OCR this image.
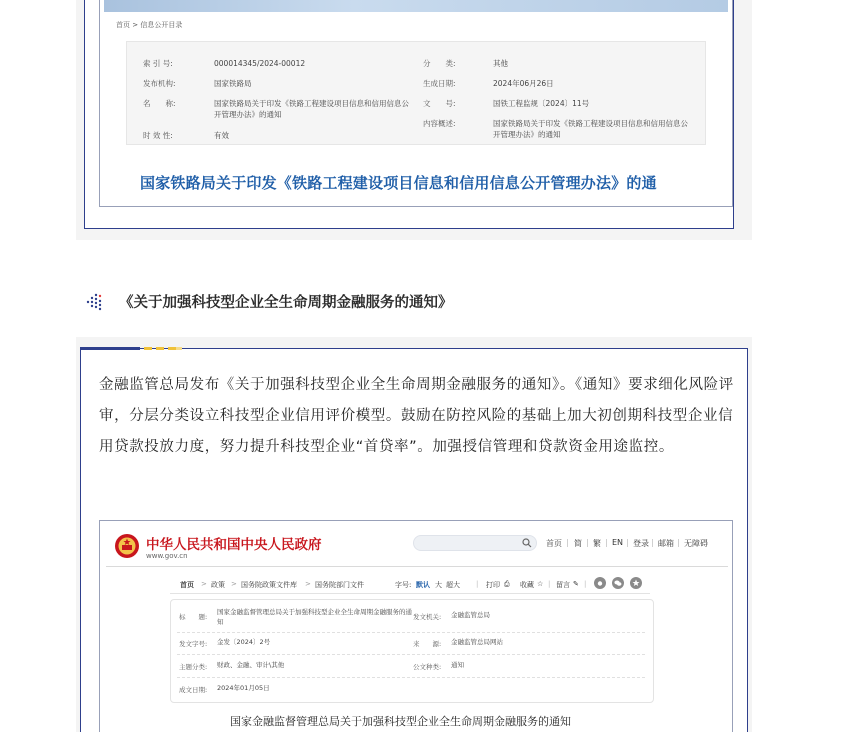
首页 > 信息公开目录
索 引 号:	000014345/2024-00012	分　　类:	其他
发布机构:	国家铁路局	生成日期:	2024年06月26日
名　　称:	国家铁路局关于印发《铁路工程建设项目信息和信用信息公开管理办法》的通知
文　　号:	国铁工程监规〔2024〕11号
内容概述:	国家铁路局关于印发《铁路工程建设项目信息和信用信息公开管理办法》的通知
时 效 性:	有效
国家铁路局关于印发《铁路工程建设项目信息和信用信息公开管理办法》的通
《关于加强科技型企业全生命周期金融服务的通知》
金融监管总局发布《关于加强科技型企业全生命周期金融服务的通知》。《通知》要求细化风险评审，分层分类设立科技型企业信用评价模型。鼓励在防控风险的基础上加大初创期科技型企业信用贷款投放力度，努力提升科技型企业“首贷率”。加强授信管理和贷款资金用途监控。
中华人民共和国中央人民政府
www.gov.cn
首页 | 简 | 繁 | EN | 登录 | 邮箱 | 无障碍
首页 > 政策 > 国务院政策文件库 > 国务院部门文件	字号: 默认 大 超大 | 打印 ⎙ 收藏 ☆ | 留言 ✎ |
标　　题:
国家金融监督管理总局关于加强科技型企业全生命周期金融服务的通知
发文机关: 金融监管总局
发文字号: 金发〔2024〕2号	来　　源: 金融监管总局网站
主题分类: 财政、金融、审计\其他	公文种类: 通知
成文日期: 2024年01月05日
国家金融监督管理总局关于加强科技型企业全生命周期金融服务的通知
